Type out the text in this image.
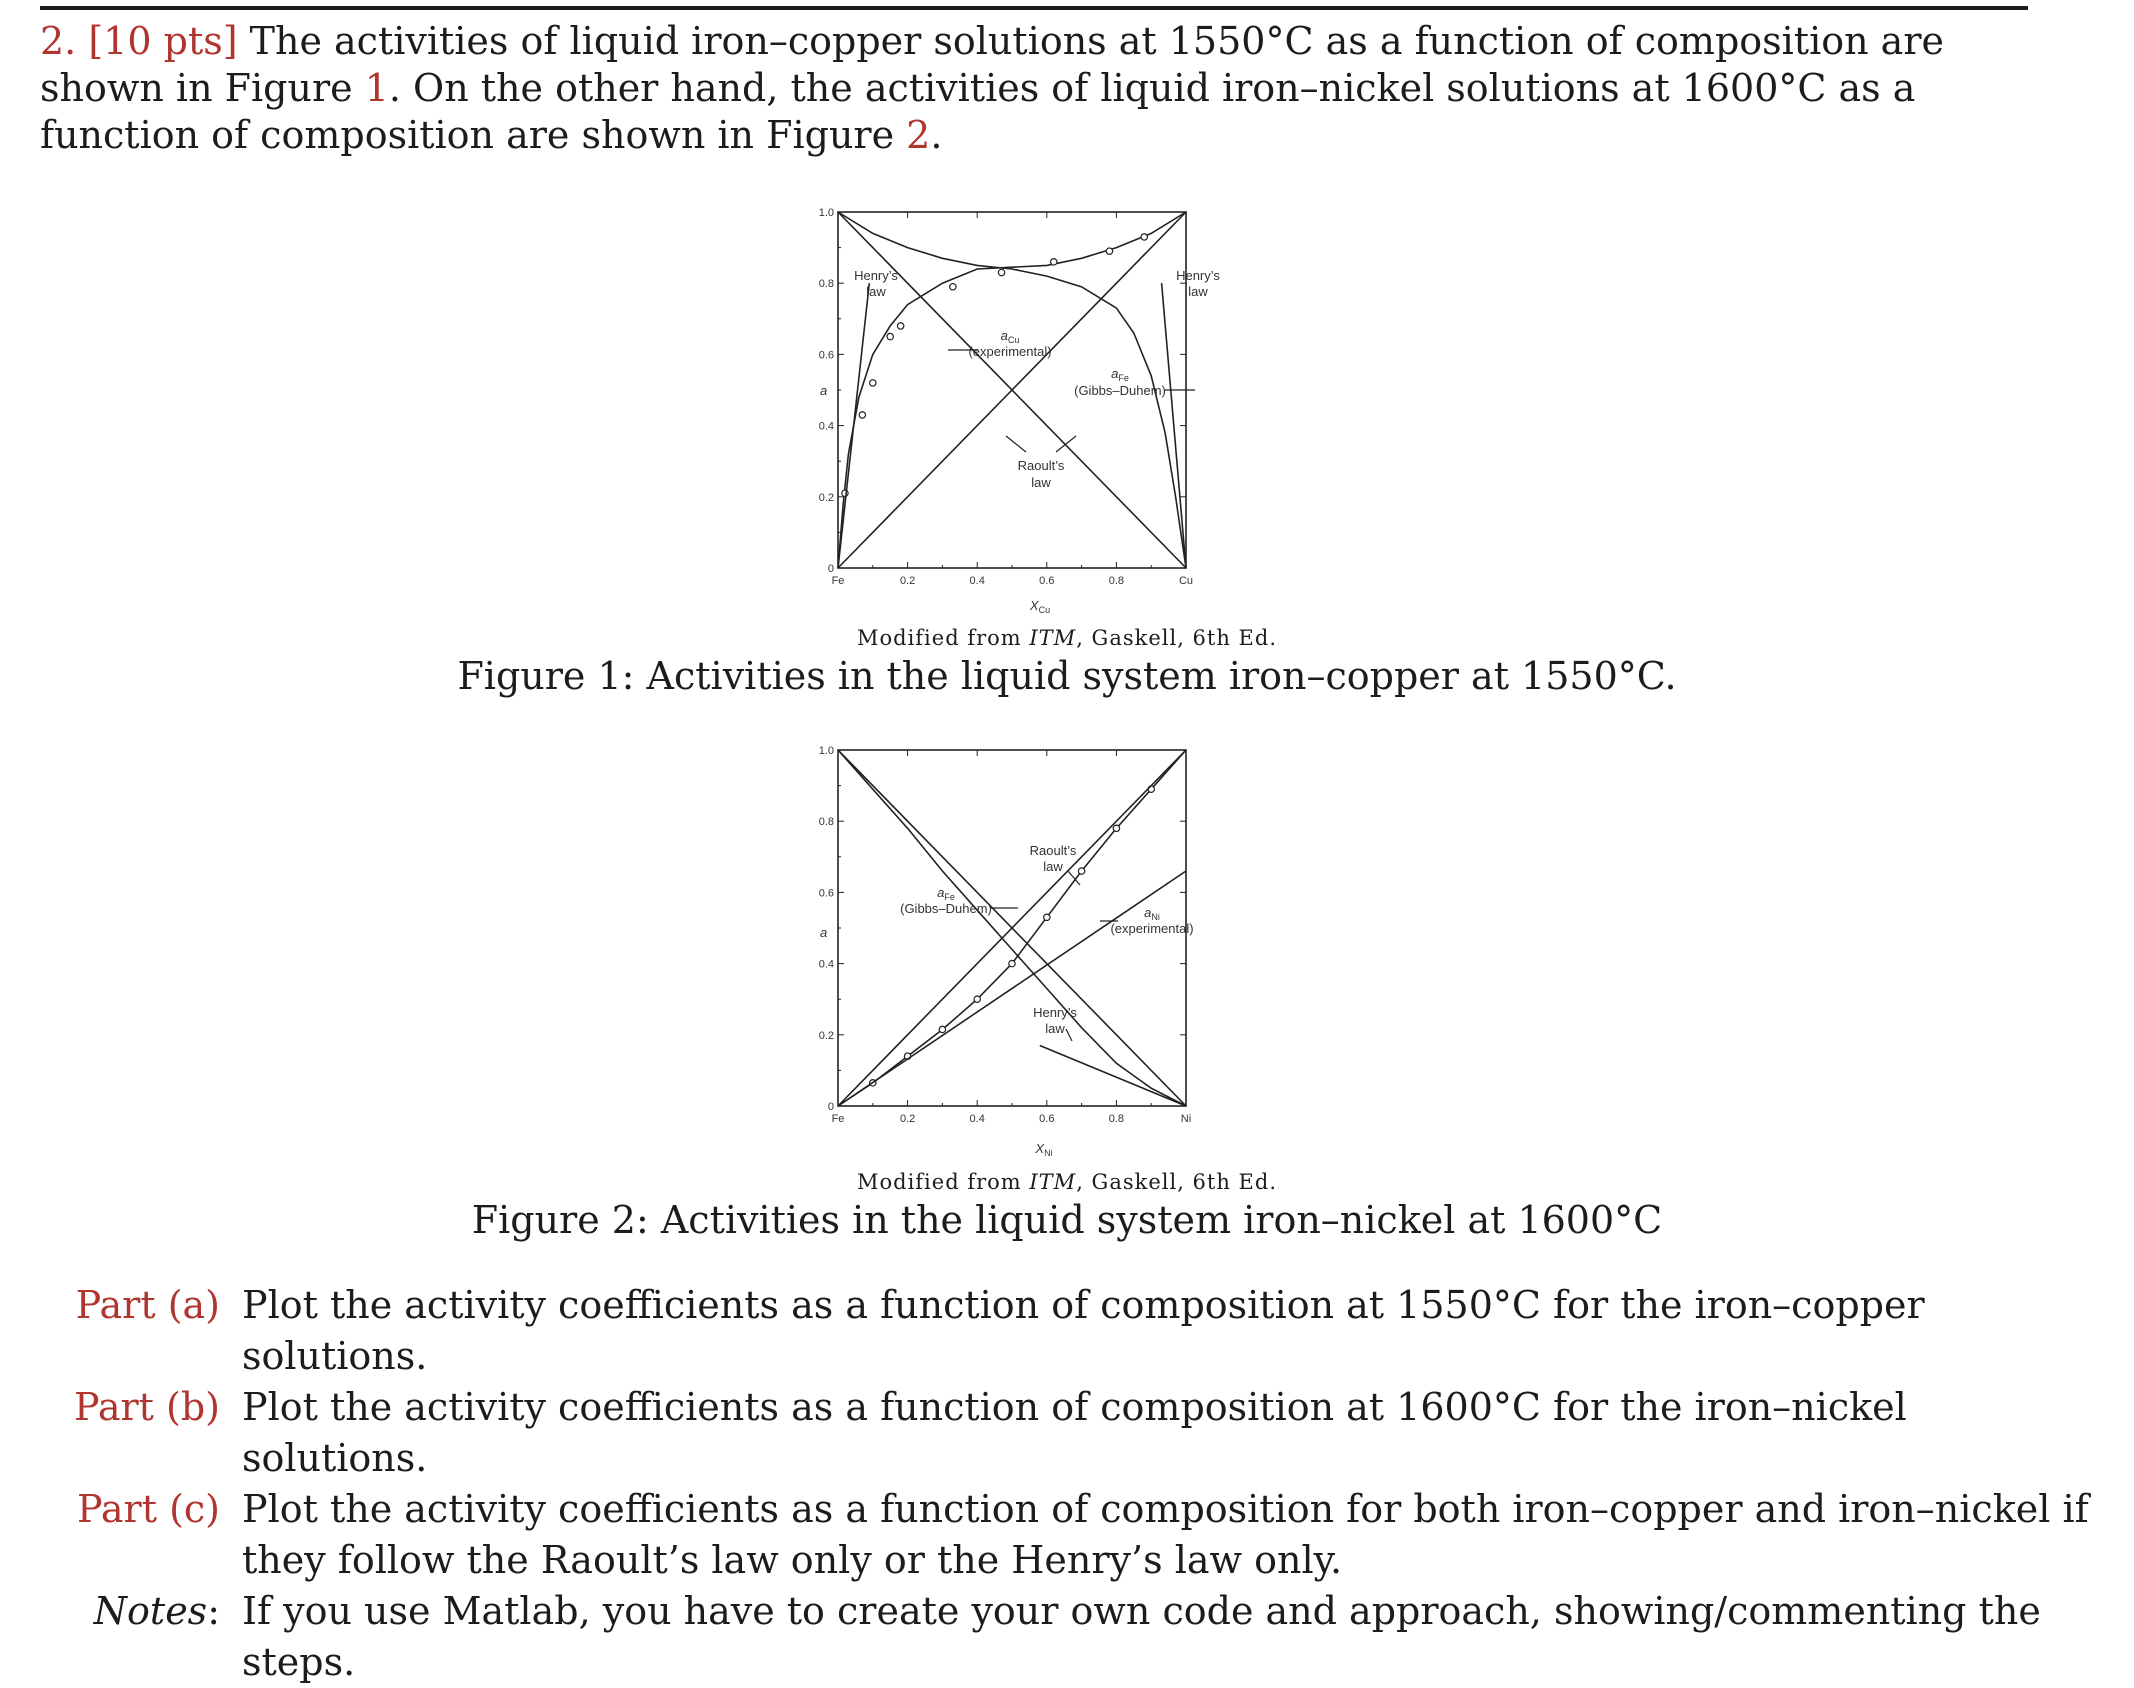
2. [10 pts] The activities of liquid iron–copper solutions at 1550°C as a function of composition are shown in Figure 1. On the other hand, the activities of liquid iron–nickel solutions at 1600°C as a function of composition are shown in Figure 2.
a
$X_{Cu}$
Henry’s
law
$a_{Cu}$
(experimental)
$a_{Fe}$
(Gibbs–Duhem)
Raoult’s
law
Henry’s
law
0
0.2
0.4
0.6
0.8
1.0
0.2	0.4	0.6	0.8
Fe	Cu
Modified from ITM, Gaskell, 6th Ed.
Figure 1: Activities in the liquid system iron–copper at 1550°C.
a
$X_{Ni}$
Raoult’s
law
$a_{Fe}$
(Gibbs–Duhem)	$a_{Ni}$
(experimental)
Henry’s
law
0
0.2
0.4
0.6
0.8
1.0
0.2	0.4	0.6	0.8
Fe	Ni
Modified from ITM, Gaskell, 6th Ed.
Figure 2: Activities in the liquid system iron–nickel at 1600°C
Part (a) Plot the activity coefficients as a function of composition at 1550°C for the iron–copper solutions.
Part (b) Plot the activity coefficients as a function of composition at 1600°C for the iron–nickel solutions.
Part (c) Plot the activity coefficients as a function of composition for both iron–copper and iron–nickel if they follow the Raoult’s law only or the Henry’s law only.
Notes: If you use Matlab, you have to create your own code and approach, showing/commenting the steps.
